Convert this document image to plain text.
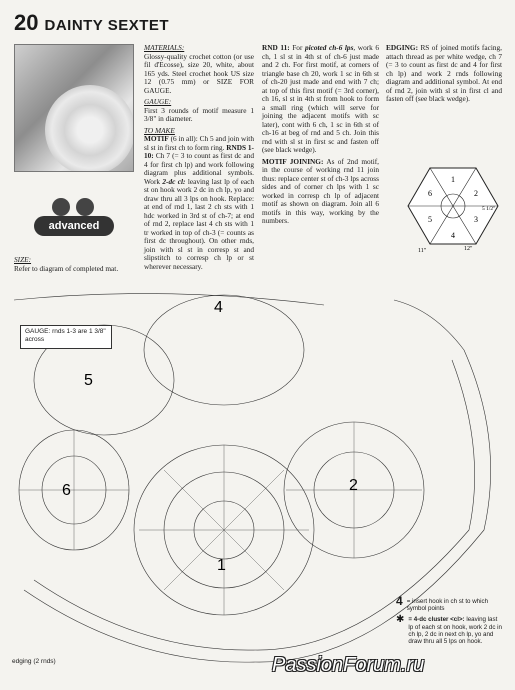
20 DAINTY SEXTET
advanced
SIZE:
Refer to diagram of completed mat.

MATERIALS:
Glossy-quality crochet cotton (or use fil d'Ecosse), size 20, white, about 165 yds. Steel crochet hook US size 12 (0.75 mm) or SIZE FOR GAUGE.

GAUGE:
First 3 rounds of motif measure 1 3/8" in diameter.

TO MAKE
MOTIF (6 in all): Ch 5 and join with sl st in first ch to form ring. RNDS 1-10: Ch 7 (= 3 to count as first dc and 4 for first ch lp) and work following diagram plus additional symbols. Work 2-dc cl: leaving last lp of each st on hook work 2 dc in ch lp, yo and draw thru all 3 lps on hook. Replace: at end of rnd 1, last 2 ch sts with 1 hdc worked in 3rd st of ch-7; at end of rnd 2, replace last 4 ch sts with 1 tr worked in top of ch-3 (= counts as first dc throughout). On other rnds, join with sl st in corresp st and slipstitch to corresp ch lp or st wherever necessary.

RND 11: For picoted ch-6 lps, work 6 ch, 1 sl st in 4th st of ch-6 just made and 2 ch. For first motif, at corners of triangle base ch 20, work 1 sc in 6th st of ch-20 just made and end with 7 ch; at top of this first motif (= 3rd corner), ch 16, sl st in 4th st from hook to form a small ring (which will serve for joining the adjacent motifs with sc later), cont with 6 ch, 1 sc in 6th st of ch-16 at beg of rnd and 5 ch. Join this rnd with sl st in first sc and fasten off (see black wedge).

MOTIF JOINING: As of 2nd motif, in the course of working rnd 11 join thus: replace center st of ch-3 lps across sides and of corner ch lps with 1 sc worked in corresp ch lp of adjacent motif as shown on diagram. Join all 6 motifs in this way, working by the numbers.

EDGING: RS of joined motifs facing, attach thread as per white wedge, ch 7 (= 3 to count as first dc and 4 for first ch lp) and work 2 rnds following diagram and additional symbol. At end of rnd 2, join with sl st in first cl and fasten off (see black wedge).

1
2
3
4
5
6
5 1/2"
11"	12"
1
2
4
5
6
GAUGE: rnds 1-3 are 1 3/8" across
4 = insert hook in ch st to which symbol points
✱ = 4-dc cluster <cl>: leaving last lp of each st on hook, work 2 dc in ch lp, 2 dc in next ch lp, yo and draw thru all 5 lps on hook.
edging (2 rnds)	PassionForum.ru
